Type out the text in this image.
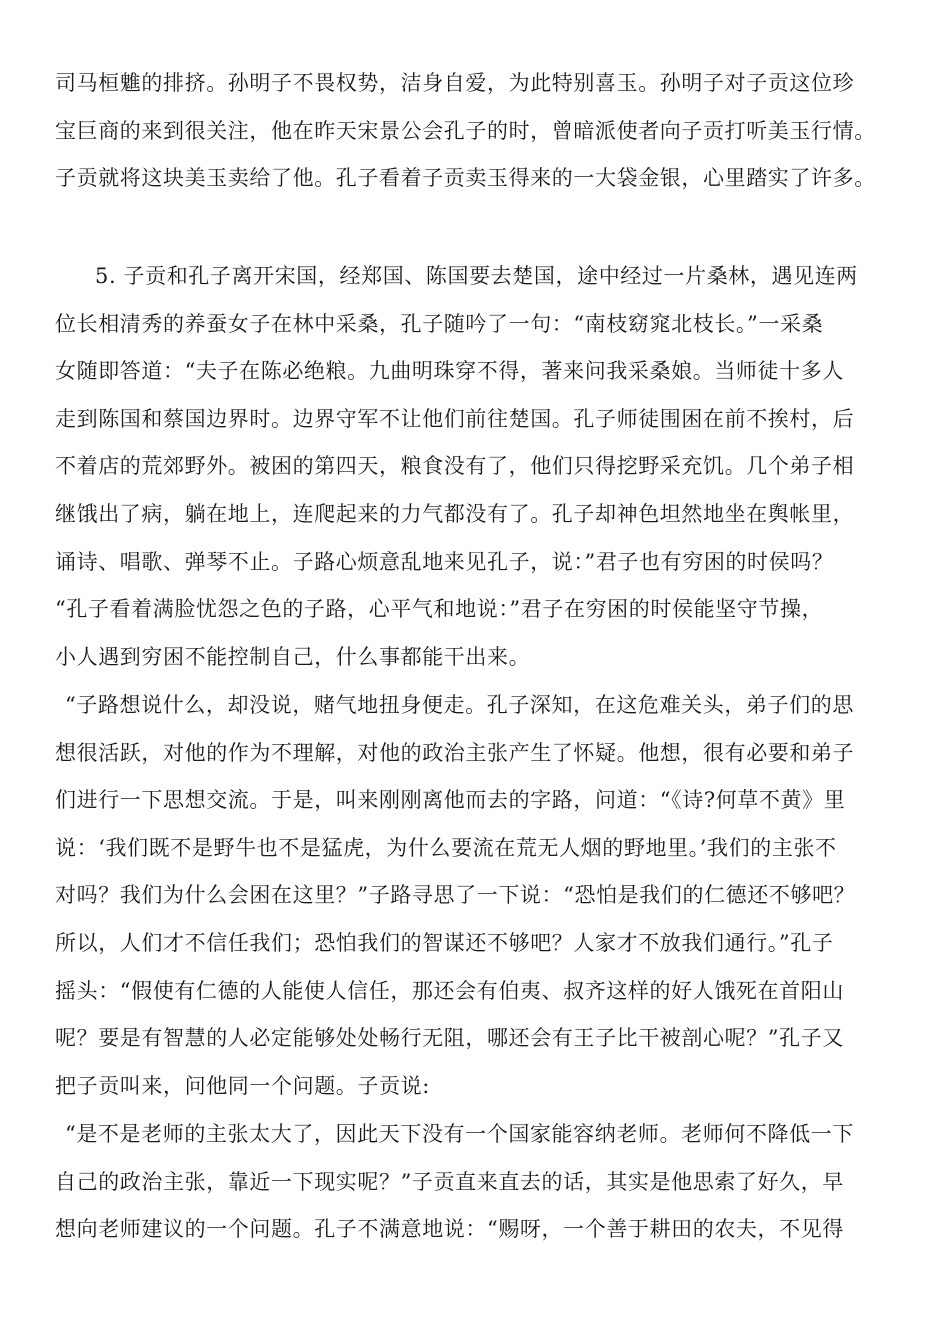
司马桓魋的排挤。孙明子不畏权势，洁身自爱，为此特别喜玉。孙明子对子贡这位珍
宝巨商的来到很关注，他在昨天宋景公会孔子的时，曾暗派使者向子贡打听美玉行情。
子贡就将这块美玉卖给了他。孔子看着子贡卖玉得来的一大袋金银，心里踏实了许多。
5. 子贡和孔子离开宋国，经郑国、陈国要去楚国，途中经过一片桑林，遇见连两
位长相清秀的养蚕女子在林中采桑，孔子随吟了一句：“南枝窈窕北枝长。”一采桑
女随即答道：“夫子在陈必绝粮。九曲明珠穿不得，著来问我采桑娘。当师徒十多人
走到陈国和蔡国边界时。边界守军不让他们前往楚国。孔子师徒围困在前不挨村，后
不着店的荒郊野外。被困的第四天，粮食没有了，他们只得挖野采充饥。几个弟子相
继饿出了病，躺在地上，连爬起来的力气都没有了。孔子却神色坦然地坐在舆帐里，
诵诗、唱歌、弹琴不止。子路心烦意乱地来见孔子，说：”君子也有穷困的时侯吗？
“孔子看着满脸忧怨之色的子路，心平气和地说：”君子在穷困的时侯能坚守节操，
小人遇到穷困不能控制自己，什么事都能干出来。
“子路想说什么，却没说，赌气地扭身便走。孔子深知，在这危难关头，弟子们的思
想很活跃，对他的作为不理解，对他的政治主张产生了怀疑。他想，很有必要和弟子
们进行一下思想交流。于是，叫来刚刚离他而去的字路，问道：“《诗?何草不黄》里
说：‘我们既不是野牛也不是猛虎，为什么要流在荒无人烟的野地里。’我们的主张不
对吗？我们为什么会困在这里？”子路寻思了一下说：“恐怕是我们的仁德还不够吧？
所以，人们才不信任我们；恐怕我们的智谋还不够吧？人家才不放我们通行。”孔子
摇头：“假使有仁德的人能使人信任，那还会有伯夷、叔齐这样的好人饿死在首阳山
呢？要是有智慧的人必定能够处处畅行无阻，哪还会有王子比干被剖心呢？”孔子又
把子贡叫来，问他同一个问题。子贡说:
“是不是老师的主张太大了，因此天下没有一个国家能容纳老师。老师何不降低一下
自己的政治主张，靠近一下现实呢？”子贡直来直去的话，其实是他思索了好久，早
想向老师建议的一个问题。孔子不满意地说：“赐呀，一个善于耕田的农夫，不见得
